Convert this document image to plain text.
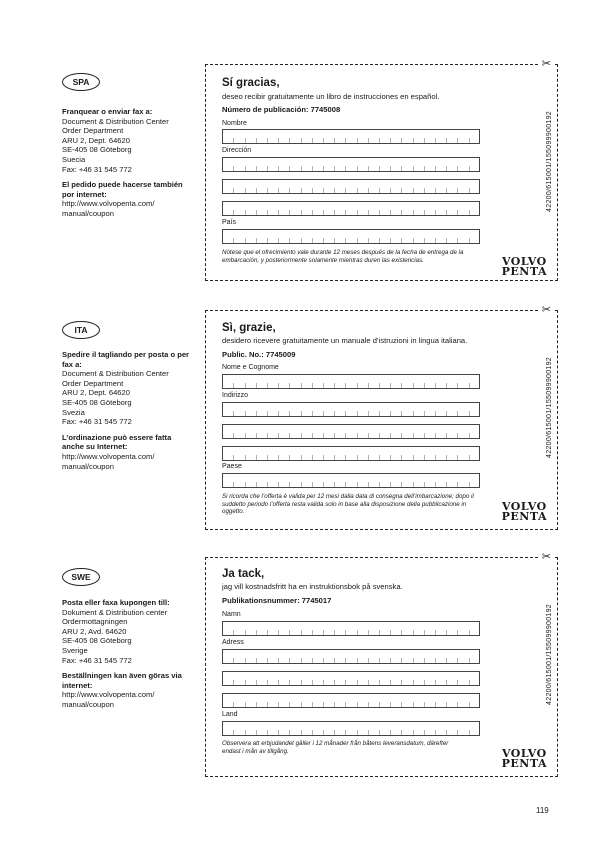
SPA
Franquear o enviar fax a:
Document & Distribution Center
Order Department
ARU 2, Dept. 64620
SE-405 08 Göteborg
Suecia
Fax: +46 31 545 772
El pedido puede hacerse también por internet:
http://www.volvopenta.com/
manual/coupon
✂
Sí gracias,
deseo recibir gratuitamente un libro de instrucciones en español.
Número de publicación: 7745008
Nombre
Dirección
País
Nótese que el ofrecimiento vale durante 12 meses después de la fecha de entrega de la embarcación, y posteriormente solamente mientras duren las existencias.
42200/615001/155099900192
VOLVO
PENTA
ITA
Spedire il tagliando per posta o per fax a:
Document & Distribution Center
Order Department
ARU 2, Dept. 64620
SE-405 08 Göteborg
Svezia
Fax: +46 31 545 772
L’ordinazione può essere fatta anche su Internet:
http://www.volvopenta.com/
manual/coupon
✂
Sì, grazie,
desidero ricevere gratuitamente un manuale d’istruzioni in lingua italiana.
Public. No.: 7745009
Nome e Cognome
Indirizzo
Paese
Si ricorda che l’offerta è valida per 12 mesi dalla data di consegna dell’imbarcazione; dopo il suddetto periodo l’offerta resta valida solo in base alla disposizione della pubblicazione in oggetto.
42200/615001/155099900192
VOLVO
PENTA
SWE
Posta eller faxa kupongen till:
Dokument & Distribution center
Ordermottagningen
ARU 2, Avd. 64620
SE-405 08 Göteborg
Sverige
Fax: +46 31 545 772
Beställningen kan även göras via internet:
http://www.volvopenta.com/
manual/coupon
✂
Ja tack,
jag vill kostnadsfritt ha en instruktionsbok på svenska.
Publikationsnummer: 7745017
Namn
Adress
Land
Observera att erbjudandet gäller i 12 månader från båtens leveransdatum, därefter endast i mån av tillgång.
42200/615001/155099900192
VOLVO
PENTA
119
